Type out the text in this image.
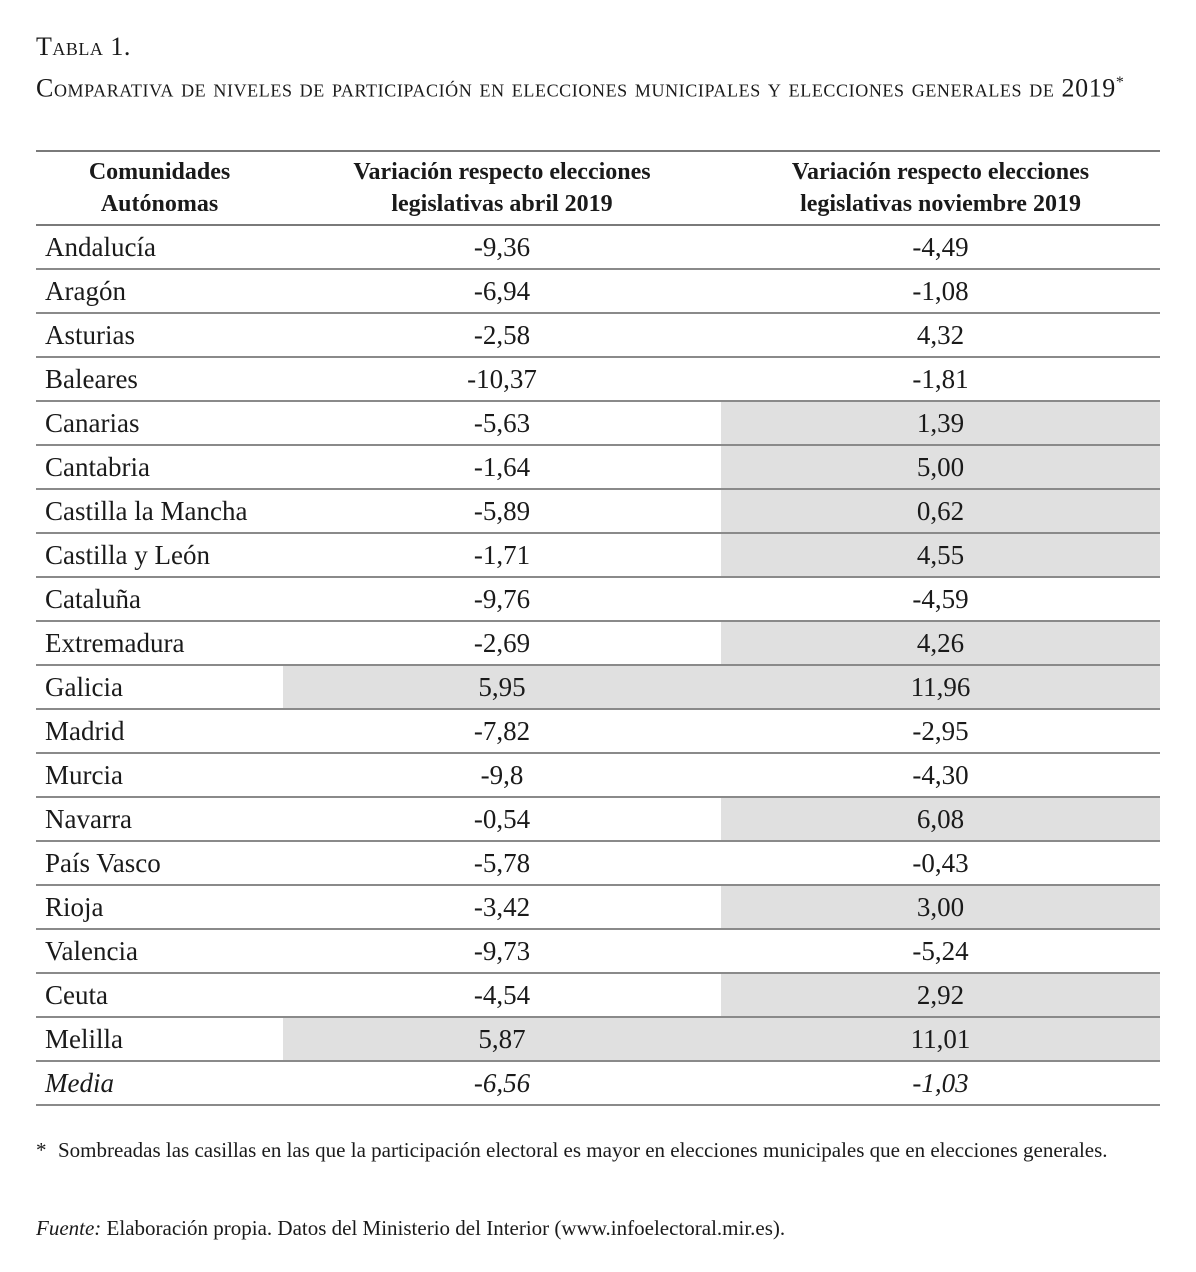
Tabla 1.
Comparativa de niveles de participación en elecciones municipales y elecciones generales de 2019*
Comunidades Autónomas	Variación respecto elecciones legislativas abril 2019	Variación respecto elecciones legislativas noviembre 2019
Andalucía	-9,36	-4,49
Aragón	-6,94	-1,08
Asturias	-2,58	4,32
Baleares	-10,37	-1,81
Canarias	-5,63	1,39
Cantabria	-1,64	5,00
Castilla la Mancha	-5,89	0,62
Castilla y León	-1,71	4,55
Cataluña	-9,76	-4,59
Extremadura	-2,69	4,26
Galicia	5,95	11,96
Madrid	-7,82	-2,95
Murcia	-9,8	-4,30
Navarra	-0,54	6,08
País Vasco	-5,78	-0,43
Rioja	-3,42	3,00
Valencia	-9,73	-5,24
Ceuta	-4,54	2,92
Melilla	5,87	11,01
Media	-6,56	-1,03
* Sombreadas las casillas en las que la participación electoral es mayor en elecciones municipales que en elecciones generales.
Fuente: Elaboración propia. Datos del Ministerio del Interior (www.infoelectoral.mir.es).
